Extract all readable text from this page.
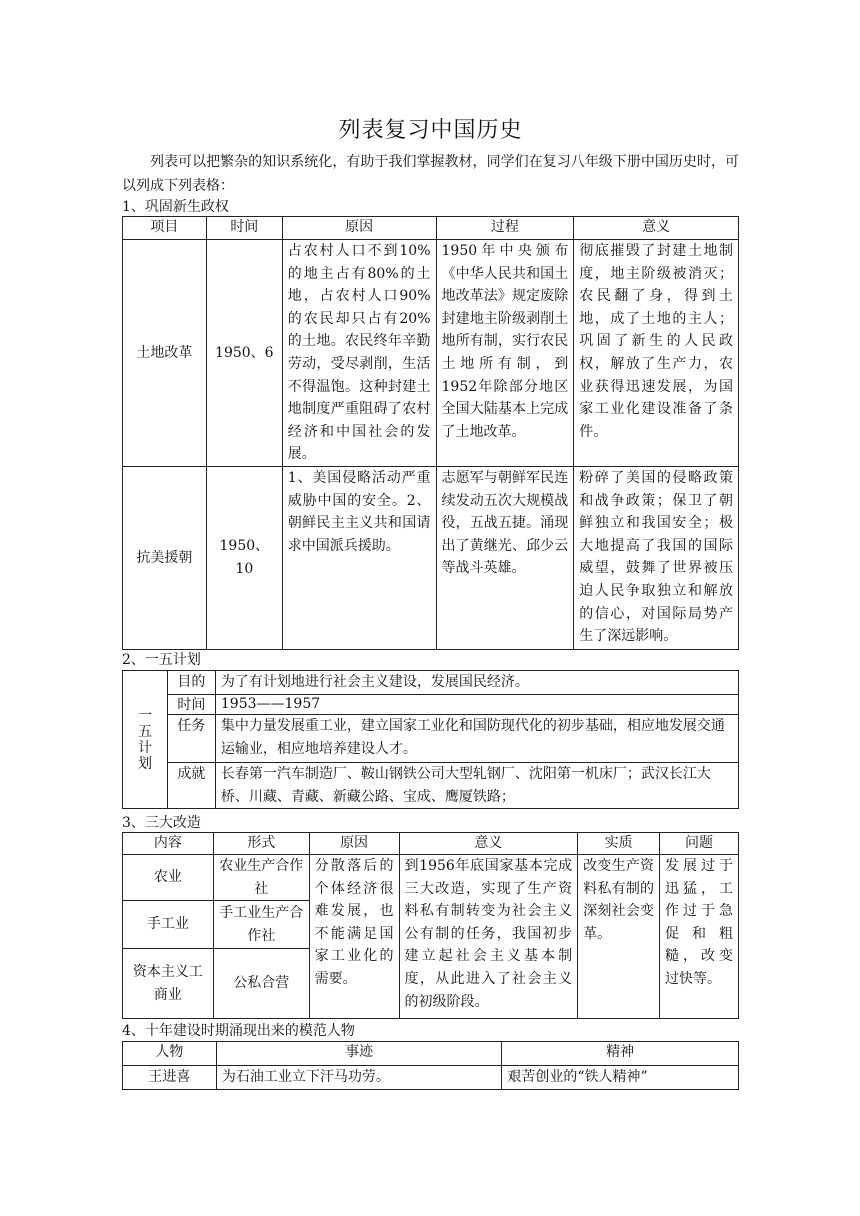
列表复习中国历史
列表可以把繁杂的知识系统化，有助于我们掌握教材，同学们在复习八年级下册中国历史时，可以列成下列表格：
1、巩固新生政权
项目	时间	原因	过程	意义
土地改革	1950、6	占农村人口不到10%的地主占有80%的土地，占农村人口90%的农民却只占有20%的土地。农民终年辛勤劳动，受尽剥削，生活不得温饱。这种封建土地制度严重阻碍了农村经济和中国社会的发展。	1950年中央颁布《中华人民共和国土地改革法》规定废除封建地主阶级剥削土地所有制，实行农民土地所有制，到1952年除部分地区全国大陆基本上完成了土地改革。	彻底摧毁了封建土地制度，地主阶级被消灭；农民翻了身，得到土地，成了土地的主人；巩固了新生的人民政权，解放了生产力，农业获得迅速发展，为国家工业化建设准备了条件。
抗美援朝	1950、10	1、美国侵略活动严重威胁中国的安全。2、朝鲜民主主义共和国请求中国派兵援助。	志愿军与朝鲜军民连续发动五次大规模战役，五战五捷。涌现出了黄继光、邱少云等战斗英雄。	粉碎了美国的侵略政策和战争政策；保卫了朝鲜独立和我国安全；极大地提高了我国的国际威望，鼓舞了世界被压迫人民争取独立和解放的信心，对国际局势产生了深远影响。
2、一五计划
一五计划	目的	为了有计划地进行社会主义建设，发展国民经济。
	时间	1953——1957
	任务	集中力量发展重工业，建立国家工业化和国防现代化的初步基础，相应地发展交通运输业，相应地培养建设人才。
	成就	长春第一汽车制造厂、鞍山钢铁公司大型轧钢厂、沈阳第一机床厂；武汉长江大桥、川藏、青藏、新藏公路、宝成、鹰厦铁路；
3、三大改造
内容	形式	原因	意义	实质	问题
农业	农业生产合作社	分散落后的个体经济很难发展，也不能满足国家工业化的需要。	到1956年底国家基本完成三大改造，实现了生产资料私有制转变为社会主义公有制的任务，我国初步建立起社会主义基本制度，从此进入了社会主义的初级阶段。	改变生产资料私有制的深刻社会变革。	发展过于迅猛，工作过于急促和粗糙，改变过快等。
手工业	手工业生产合作社				
资本主义工商业	公私合营				
4、十年建设时期涌现出来的模范人物
人物	事迹	精神
王进喜	为石油工业立下汗马功劳。	艰苦创业的“铁人精神”
